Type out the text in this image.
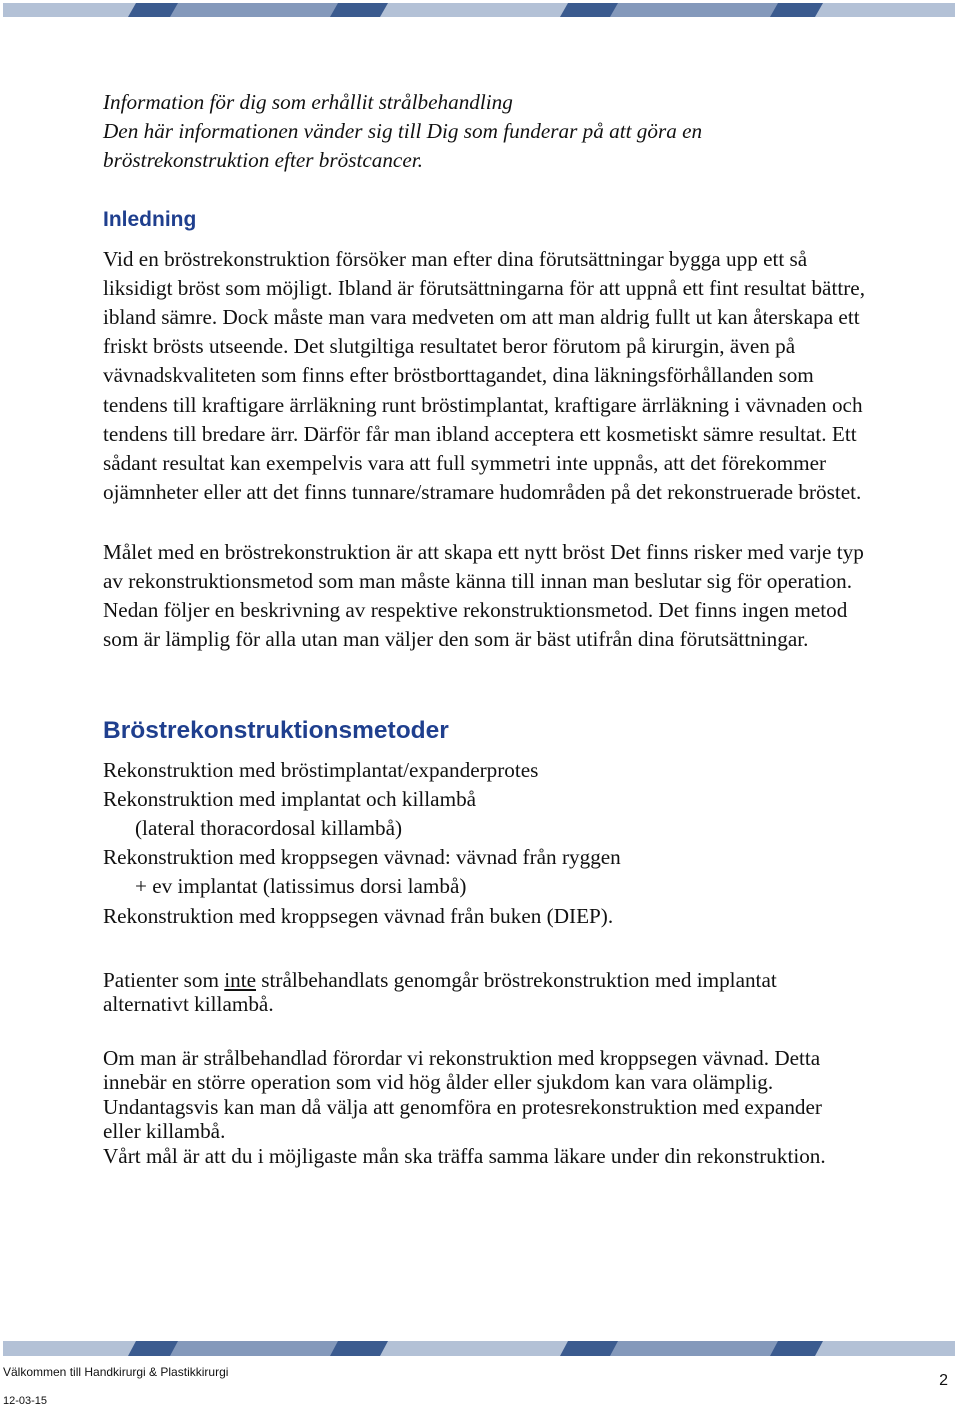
Information för dig som erhållit strålbehandling
Den här informationen vänder sig till Dig som funderar på att göra en
bröstrekonstruktion efter bröstcancer.
Inledning
Vid en bröstrekonstruktion försöker man efter dina förutsättningar bygga upp ett så
liksidigt bröst som möjligt. Ibland är förutsättningarna för att uppnå ett fint resultat bättre,
ibland sämre. Dock måste man vara medveten om att man aldrig fullt ut kan återskapa ett
friskt brösts utseende. Det slutgiltiga resultatet beror förutom på kirurgin, även på
vävnadskvaliteten som finns efter bröstborttagandet, dina läkningsförhållanden som
tendens till kraftigare ärrläkning runt bröstimplantat, kraftigare ärrläkning i vävnaden och
tendens till bredare ärr. Därför får man ibland acceptera ett kosmetiskt sämre resultat. Ett
sådant resultat kan exempelvis vara att full symmetri inte uppnås, att det förekommer
ojämnheter eller att det finns tunnare/stramare hudområden på det rekonstruerade bröstet.
Målet med en bröstrekonstruktion är att skapa ett nytt bröst Det finns risker med varje typ
av rekonstruktionsmetod som man måste känna till innan man beslutar sig för operation.
Nedan följer en beskrivning av respektive rekonstruktionsmetod. Det finns ingen metod
som är lämplig för alla utan man väljer den som är bäst utifrån dina förutsättningar.
Bröstrekonstruktionsmetoder
Rekonstruktion med bröstimplantat/expanderprotes
Rekonstruktion med implantat och killambå
(lateral thoracordosal killambå)
Rekonstruktion med kroppsegen vävnad: vävnad från ryggen
+ ev implantat (latissimus dorsi lambå)
Rekonstruktion med kroppsegen vävnad från buken (DIEP).
Patienter som inte strålbehandlats genomgår bröstrekonstruktion med implantat
alternativt killambå.
Om man är strålbehandlad förordar vi rekonstruktion med kroppsegen vävnad. Detta
innebär en större operation som vid hög ålder eller sjukdom kan vara olämplig.
Undantagsvis kan man då välja att genomföra en protesrekonstruktion med expander
eller killambå.
Vårt mål är att du i möjligaste mån ska träffa samma läkare under din rekonstruktion.
Välkommen till Handkirurgi & Plastikkirurgi	2
12-03-15
